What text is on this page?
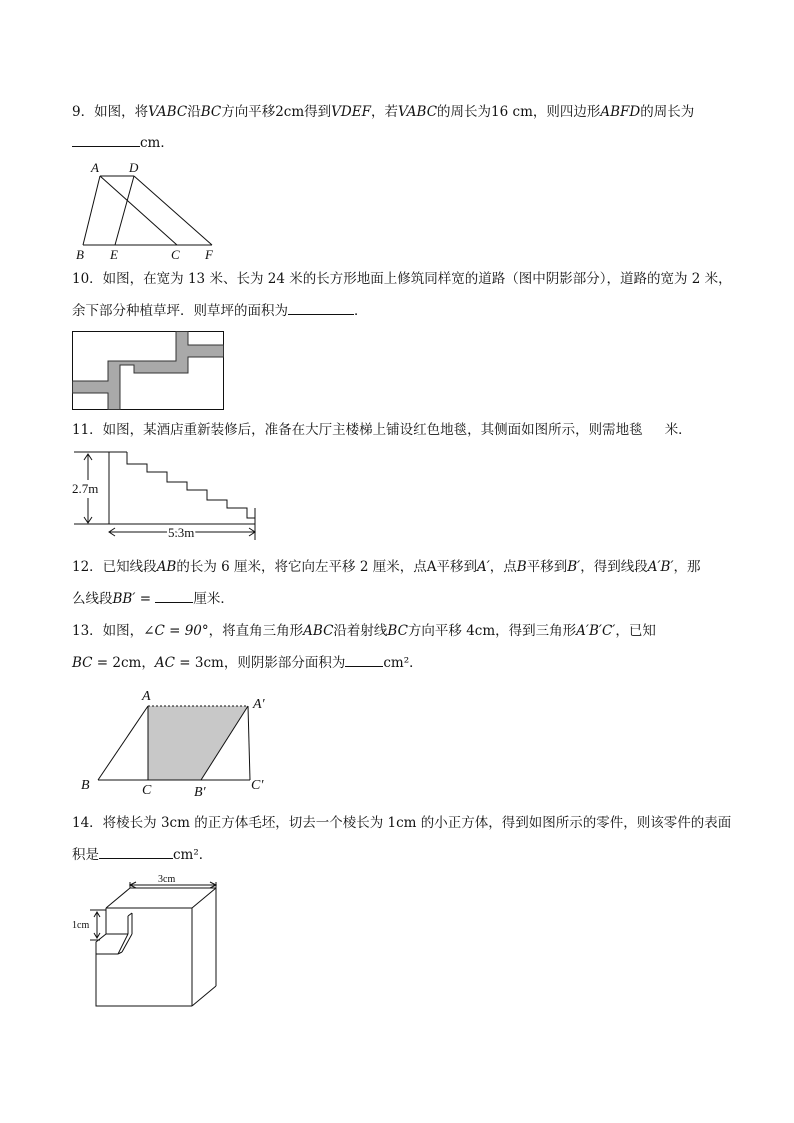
9．如图，将VABC沿BC方向平移2cm得到VDEF，若VABC的周长为16 cm，则四边形ABFD的周长为
cm．
A D
B E	C F
10．如图，在宽为 13 米、长为 24 米的长方形地面上修筑同样宽的道路（图中阴影部分），道路的宽为 2 米，
余下部分种植草坪．则草坪的面积为	．
11．如图，某酒店重新装修后，准备在大厅主楼梯上铺设红色地毯，其侧面如图所示，则需地毯 米．
2.7m
5.3m
12．已知线段AB的长为 6 厘米，将它向左平移 2 厘米，点A平移到A′，点B平移到B′，得到线段A′B′，那
么线段BB′ =	厘米．
13．如图，∠C = 90°，将直角三角形ABC沿着射线BC方向平移 4cm，得到三角形A′B′C′，已知
BC = 2cm，AC = 3cm，则阴影部分面积为	cm²．
A
A′
B	C	B′	C′
14．将棱长为 3cm 的正方体毛坯，切去一个棱长为 1cm 的小正方体，得到如图所示的零件，则该零件的表面
积是	cm²．
3cm
1cm
